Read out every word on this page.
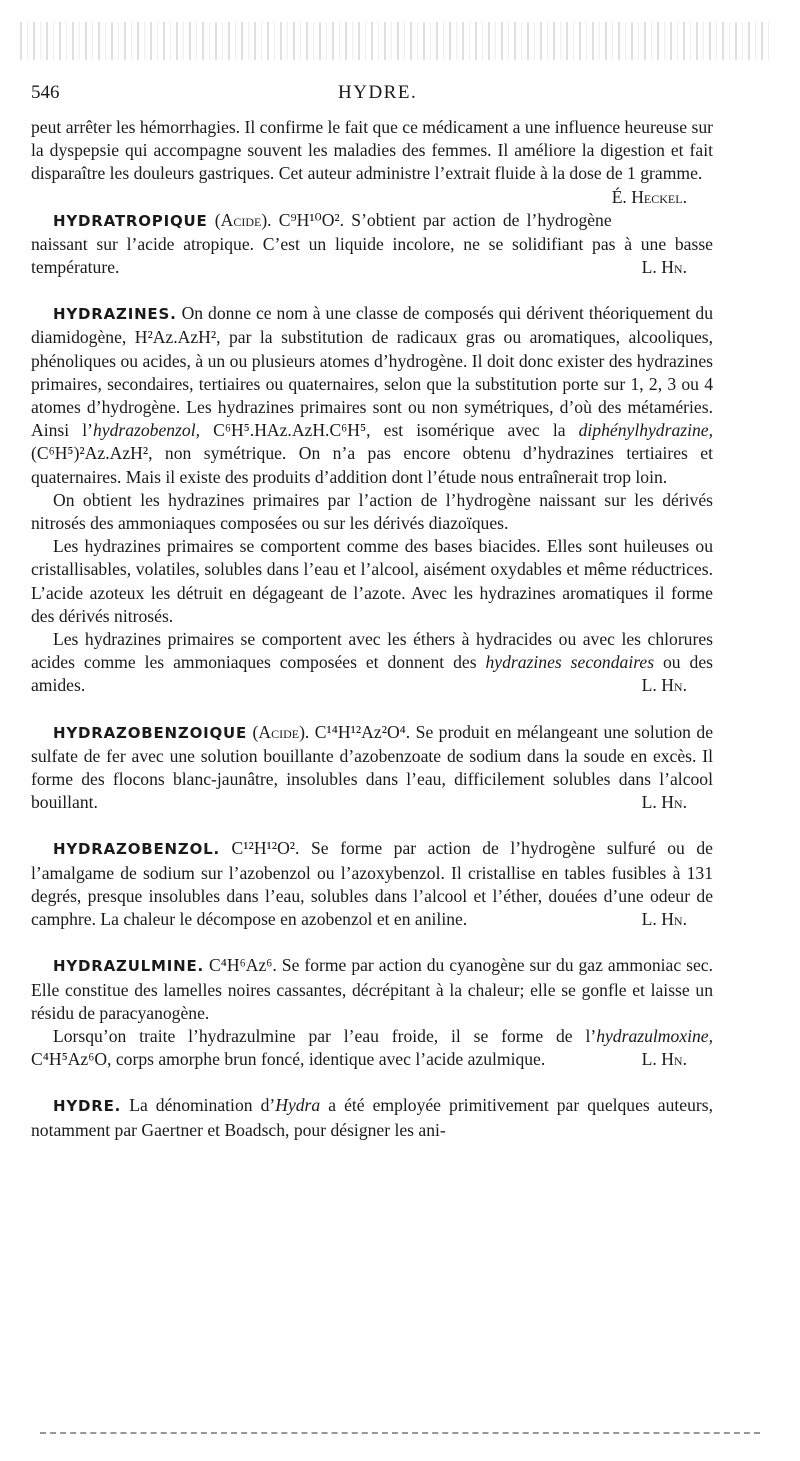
546	HYDRE.

peut arrêter les hémorrhagies. Il confirme le fait que ce médicament a une influence heureuse sur la dyspepsie qui accompagne souvent les maladies des femmes. Il améliore la digestion et fait disparaître les douleurs gastriques. Cet auteur administre l’extrait fluide à la dose de 1 gramme.
É. Heckel.

HYDRATROPIQUE (Acide). C⁹H¹⁰O². S’obtient par action de l’hydrogène naissant sur l’acide atropique. C’est un liquide incolore, ne se solidifiant pas à une basse température.	L. Hn.

HYDRAZINES. On donne ce nom à une classe de composés qui dérivent théoriquement du diamidogène, H²Az.AzH², par la substitution de radicaux gras ou aromatiques, alcooliques, phénoliques ou acides, à un ou plusieurs atomes d’hydrogène. Il doit donc exister des hydrazines primaires, secondaires, tertiaires ou quaternaires, selon que la substitution porte sur 1, 2, 3 ou 4 atomes d’hydrogène. Les hydrazines primaires sont ou non symétriques, d’où des métaméries. Ainsi l’hydrazobenzol, C⁶H⁵.HAz.AzH.C⁶H⁵, est isomérique avec la diphénylhydrazine, (C⁶H⁵)²Az.AzH², non symétrique. On n’a pas encore obtenu d’hydrazines tertiaires et quaternaires. Mais il existe des produits d’addition dont l’étude nous entraînerait trop loin.

On obtient les hydrazines primaires par l’action de l’hydrogène naissant sur les dérivés nitrosés des ammoniaques composées ou sur les dérivés diazoïques.

Les hydrazines primaires se comportent comme des bases biacides. Elles sont huileuses ou cristallisables, volatiles, solubles dans l’eau et l’alcool, aisément oxydables et même réductrices. L’acide azoteux les détruit en dégageant de l’azote. Avec les hydrazines aromatiques il forme des dérivés nitrosés.

Les hydrazines primaires se comportent avec les éthers à hydracides ou avec les chlorures acides comme les ammoniaques composées et donnent des hydrazines secondaires ou des amides.	L. Hn.

HYDRAZOBENZOIQUE (Acide). C¹⁴H¹²Az²O⁴. Se produit en mélangeant une solution de sulfate de fer avec une solution bouillante d’azobenzoate de sodium dans la soude en excès. Il forme des flocons blanc-jaunâtre, insolubles dans l’eau, difficilement solubles dans l’alcool bouillant.	L. Hn.

HYDRAZOBENZOL. C¹²H¹²O². Se forme par action de l’hydrogène sulfuré ou de l’amalgame de sodium sur l’azobenzol ou l’azoxybenzol. Il cristallise en tables fusibles à 131 degrés, presque insolubles dans l’eau, solubles dans l’alcool et l’éther, douées d’une odeur de camphre. La chaleur le décompose en azobenzol et en aniline.	L. Hn.

HYDRAZULMINE. C⁴H⁶Az⁶. Se forme par action du cyanogène sur du gaz ammoniac sec. Elle constitue des lamelles noires cassantes, décrépitant à la chaleur; elle se gonfle et laisse un résidu de paracyanogène.

Lorsqu’on traite l’hydrazulmine par l’eau froide, il se forme de l’hydrazulmoxine, C⁴H⁵Az⁶O, corps amorphe brun foncé, identique avec l’acide azulmique.	L. Hn.

HYDRE. La dénomination d’Hydra a été employée primitivement par quelques auteurs, notamment par Gaertner et Boadsch, pour désigner les ani-
